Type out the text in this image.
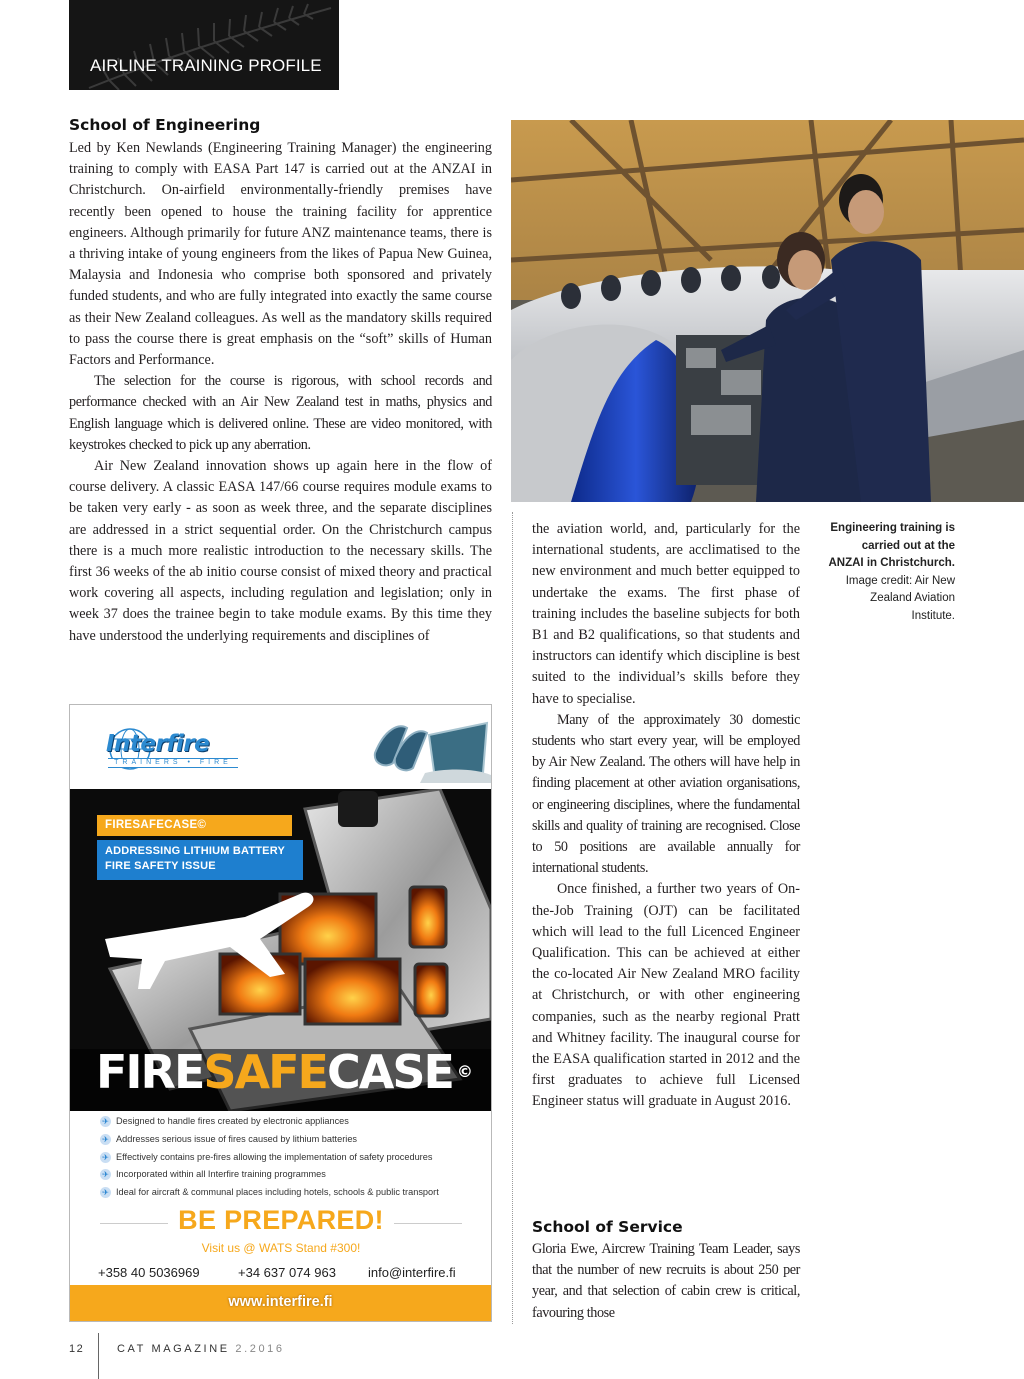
AIRLINE TRAINING PROFILE
School of Engineering

Led by Ken Newlands (Engineering Training Manager) the engineering training to comply with EASA Part 147 is carried out at the ANZAI in Christchurch. On-airfield environmentally-friendly premises have recently been opened to house the training facility for apprentice engineers. Although primarily for future ANZ maintenance teams, there is a thriving intake of young engineers from the likes of Papua New Guinea, Malaysia and Indonesia who comprise both sponsored and privately funded students, and who are fully integrated into exactly the same course as their New Zealand colleagues. As well as the mandatory skills required to pass the course there is great emphasis on the “soft” skills of Human Factors and Performance.

The selection for the course is rigorous, with school records and performance checked with an Air New Zealand test in maths, physics and English language which is delivered online. These are video monitored, with keystrokes checked to pick up any aberration.

Air New Zealand innovation shows up again here in the flow of course delivery. A classic EASA 147/66 course requires module exams to be taken very early - as soon as week three, and the separate disciplines are addressed in a strict sequential order. On the Christchurch campus there is a much more realistic introduction to the necessary skills. The first 36 weeks of the ab initio course consist of mixed theory and practical work covering all aspects, including regulation and legislation; only in week 37 does the trainee begin to take module exams. By this time they have understood the underlying requirements and disciplines of

Engineering training is carried out at the ANZAI in Christchurch.
Image credit: Air New Zealand Aviation Institute.

the aviation world, and, particularly for the international students, are acclimatised to the new environment and much better equipped to undertake the exams. The first phase of training includes the baseline subjects for both B1 and B2 qualifications, so that students and instructors can identify which discipline is best suited to the individual’s skills before they have to specialise.

Many of the approximately 30 domestic students who start every year, will be employed by Air New Zealand. The others will have help in finding placement at other aviation organisations, or engineering disciplines, where the fundamental skills and quality of training are recognised. Close to 50 positions are available annually for international students.

Once finished, a further two years of On-the-Job Training (OJT) can be facilitated which will lead to the full Licenced Engineer Qualification. This can be achieved at either the co-located Air New Zealand MRO facility at Christchurch, or with other engineering companies, such as the nearby regional Pratt and Whitney facility. The inaugural course for the EASA qualification started in 2012 and the first graduates to achieve full Licensed Engineer status will graduate in August 2016.

School of Service

Gloria Ewe, Aircrew Training Team Leader, says that the number of new recruits is about 250 per year, and that selection of cabin crew is critical, favouring those

Interfire
TRAINERS • FIRE
FIRESAFECASE©
ADDRESSING LITHIUM BATTERY FIRE SAFETY ISSUE
FIRESAFECASE ©
✈ Designed to handle fires created by electronic appliances
✈ Addresses serious issue of fires caused by lithium batteries
✈ Effectively contains pre-fires allowing the implementation of safety procedures
✈ Incorporated within all Interfire training programmes
✈ Ideal for aircraft & communal places including hotels, schools & public transport
BE PREPARED!
Visit us @ WATS Stand #300!
+358 40 5036969	+34 637 074 963 info@interfire.fi
www.interfire.fi
12	CAT MAGAZINE 2.2016
